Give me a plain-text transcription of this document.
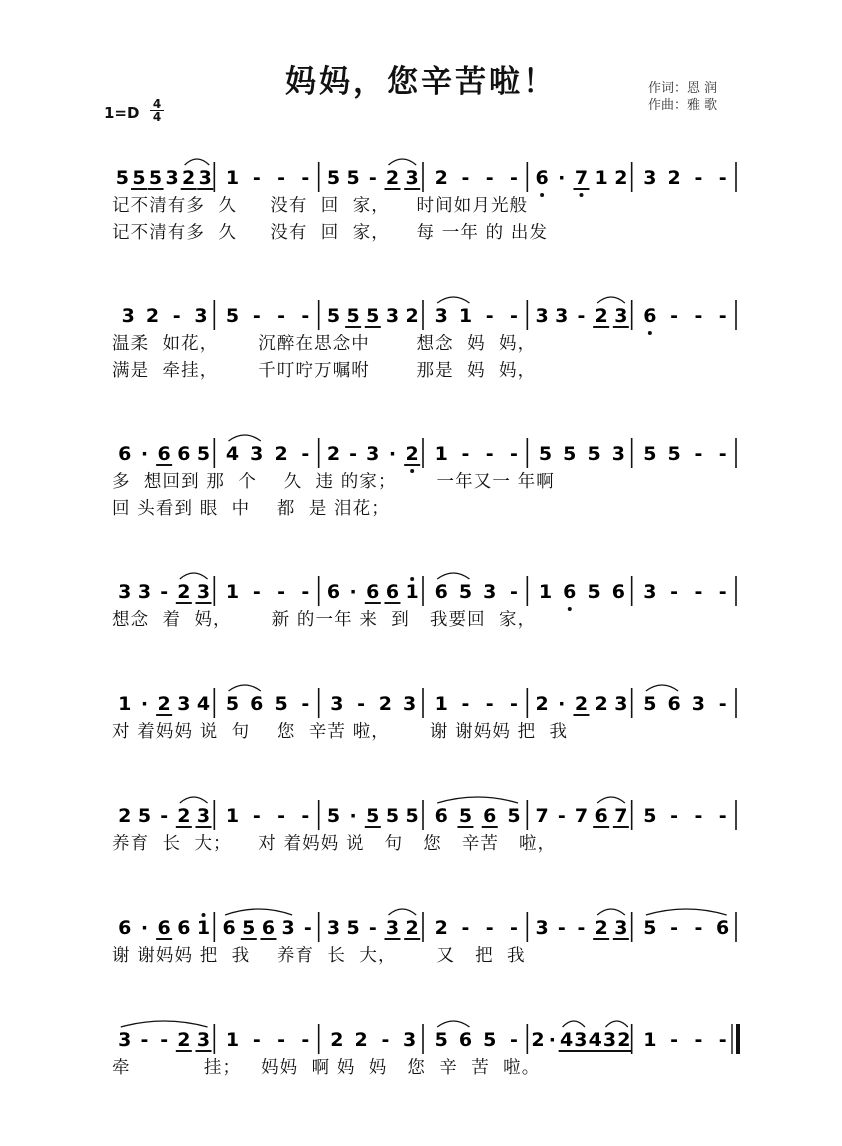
妈妈，您辛苦啦！	作词：恩 润
作曲：雅 歌
$1=D \frac{4}{4}$
5 5 5 3 2 3 1 - - - 5 5 - 2 3 2 - - - 6 · 7 1 2 3 2 - -
记不清有多  久     没有  回  家，    时间如月光般
记不清有多  久     没有  回  家，    每 一年 的 出发
3 2 - 3 5 - - - 5 5 5 3 2 3 1 - - 3 3 - 2 3 6 - - -
温柔  如花，      沉醉在思念中       想念  妈  妈，
满是  牵挂，      千叮咛万嘱咐       那是  妈  妈，
6 · 6 6 5 4 3 2 - 2 - 3 · 2 1 - - - 5 5 5 3 5 5 - -
多  想回到 那  个    久  违 的家；      一年又一 年啊
回 头看到 眼  中    都  是 泪花；
3 3 - 2 3 1 - - - 6 · 6 6 1 6 5 3 - 1 6 5 6 3 - - -
想念  着  妈，      新 的一年 来  到   我要回  家，
1 · 2 3 4 5 6 5 - 3 - 2 3 1 - - - 2 · 2 2 3 5 6 3 -
对 着妈妈 说  句    您  辛苦 啦，      谢 谢妈妈 把  我
2 5 - 2 3 1 - - - 5 · 5 5 5 6 5 6 5 7 - 7 6 7 5 - - -
养育  长  大；    对 着妈妈 说   句   您   辛苦   啦，
6 · 6 6 1 6 5 6 3 - 3 5 - 3 2 2 - - - 3 - - 2 3 5 - - 6
谢 谢妈妈 把  我    养育  长  大，      又   把  我
3 - - 2 3 1 - - - 2 2 - 3 5 6 5 - 2 · 4 3 4 3 2 1 - - -
牵           挂；   妈妈  啊 妈  妈   您  辛  苦  啦。
